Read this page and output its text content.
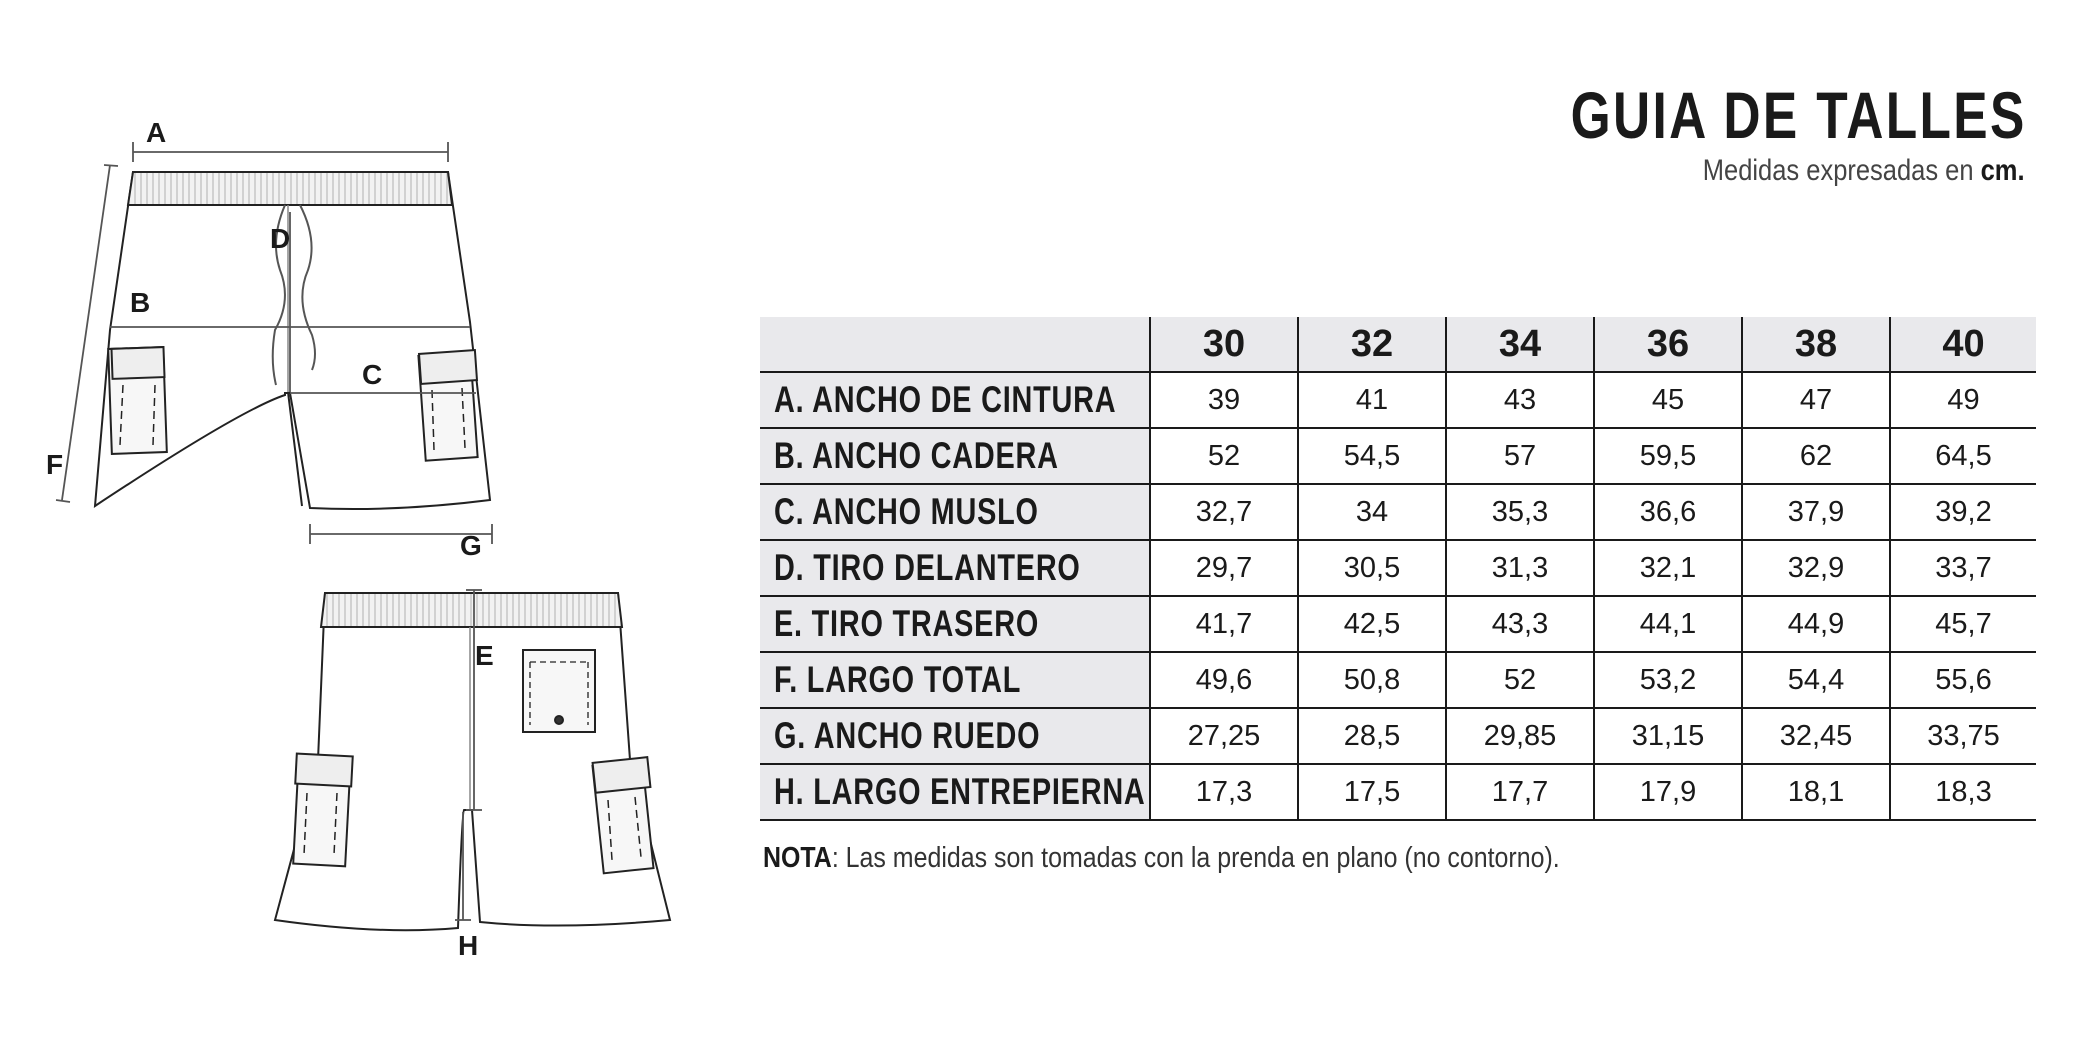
GUIA DE TALLES
Medidas expresadas en cm.
A
B
C
D
F
G
E
H
	30	32	34	36	38	40
A. ANCHO DE CINTURA	39	41	43	45	47	49
B. ANCHO CADERA	52	54,5	57	59,5	62	64,5
C. ANCHO MUSLO	32,7	34	35,3	36,6	37,9	39,2
D. TIRO DELANTERO	29,7	30,5	31,3	32,1	32,9	33,7
E. TIRO TRASERO	41,7	42,5	43,3	44,1	44,9	45,7
F. LARGO TOTAL	49,6	50,8	52	53,2	54,4	55,6
G. ANCHO RUEDO	27,25	28,5	29,85	31,15	32,45	33,75
H. LARGO ENTREPIERNA	17,3	17,5	17,7	17,9	18,1	18,3
NOTA: Las medidas son tomadas con la prenda en plano (no contorno).
